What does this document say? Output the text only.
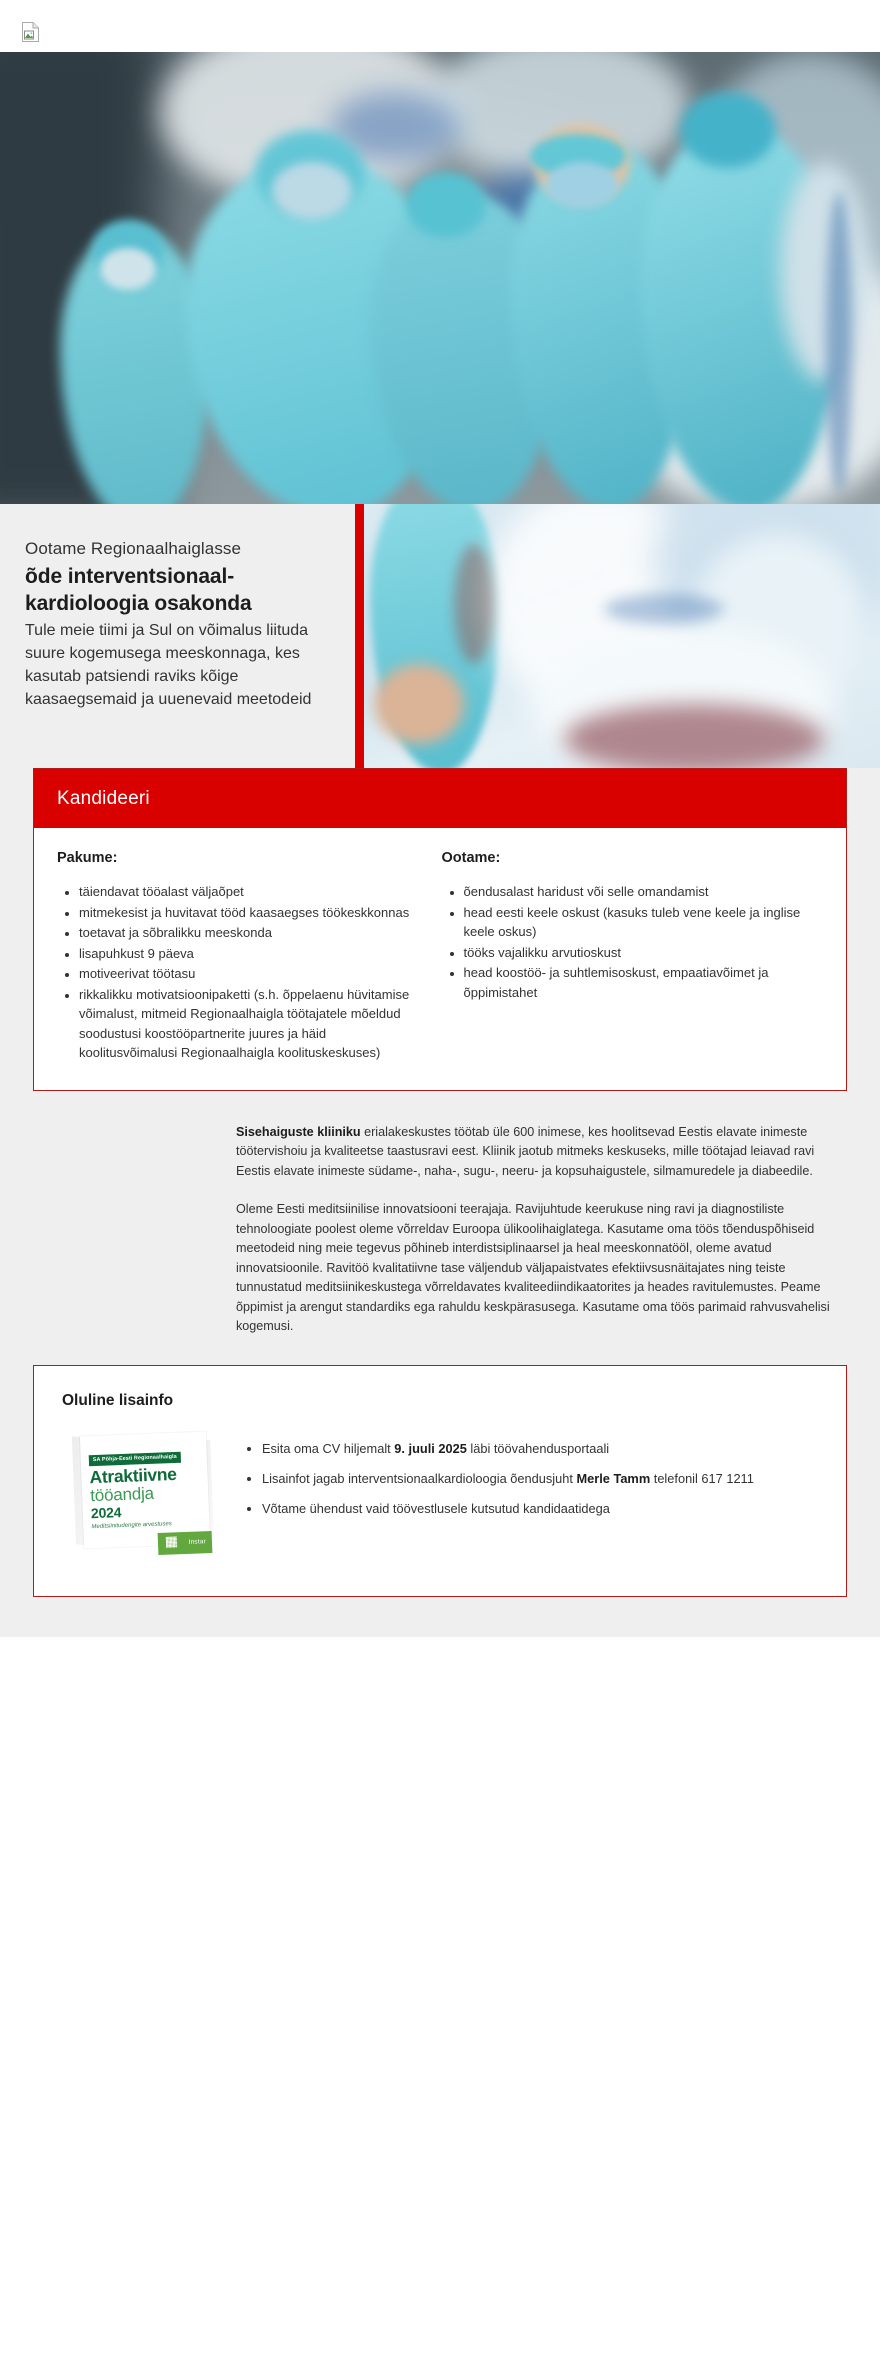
Ootame Regionaalhaiglasse
õde interventsionaal-
kardioloogia osakonda
Tule meie tiimi ja Sul on võimalus liituda suure kogemusega meeskonnaga, kes kasutab patsiendi raviks kõige kaasaegsemaid ja uuenevaid meetodeid
Kandideeri
Pakume:
• täiendavat tööalast väljaõpet
• mitmekesist ja huvitavat tööd kaasaegses töökeskkonnas
• toetavat ja sõbralikku meeskonda
• lisapuhkust 9 päeva
• motiveerivat töötasu
• rikkalikku motivatsioonipaketti (s.h. õppelaenu hüvitamise võimalust, mitmeid Regionaalhaigla töötajatele mõeldud soodustusi koostööpartnerite juures ja häid koolitusvõimalusi Regionaalhaigla koolituskeskuses)
Ootame:
• õendusalast haridust või selle omandamist
• head eesti keele oskust (kasuks tuleb vene keele ja inglise keele oskus)
• tööks vajalikku arvutioskust
• head koostöö- ja suhtlemisoskust, empaatiavõimet ja õppimistahet

Sisehaiguste kliiniku erialakeskustes töötab üle 600 inimese, kes hoolitsevad Eestis elavate inimeste töötervishoiu ja kvaliteetse taastusravi eest. Kliinik jaotub mitmeks keskuseks, mille töötajad leiavad ravi Eestis elavate inimeste südame-, naha-, sugu-, neeru- ja kopsuhaigustele, silmamuredele ja diabeedile.

Oleme Eesti meditsiinilise innovatsiooni teerajaja. Ravijuhtude keerukuse ning ravi ja diagnostiliste tehnoloogiate poolest oleme võrreldav Euroopa ülikoolihaiglatega. Kasutame oma töös tõenduspõhiseid meetodeid ning meie tegevus põhineb interdistsiplinaarsel ja heal meeskonnatööl, oleme avatud innovatsioonile. Ravitöö kvalitatiivne tase väljendub väljapaistvates efektiivsusnäitajates ning teiste tunnustatud meditsiinikeskustega võrreldavates kvaliteediindikaatorites ja heades ravitulemustes. Peame õppimist ja arengut standardiks ega rahuldu keskpärasusega. Kasutame oma töös parimaid rahvusvahelisi kogemusi.

Oluline lisainfo
SA Põhja-Eesti Regionaalhaigla
Atraktiivne
tööandja
2024
Meditsiinitudengite arvestuses
🏾 Instar
• Esita oma CV hiljemalt 9. juuli 2025 läbi töövahendusportaali
• Lisainfot jagab interventsionaalkardioloogia õendusjuht Merle Tamm telefonil 617 1211
• Võtame ühendust vaid töövestlusele kutsutud kandidaatidega
